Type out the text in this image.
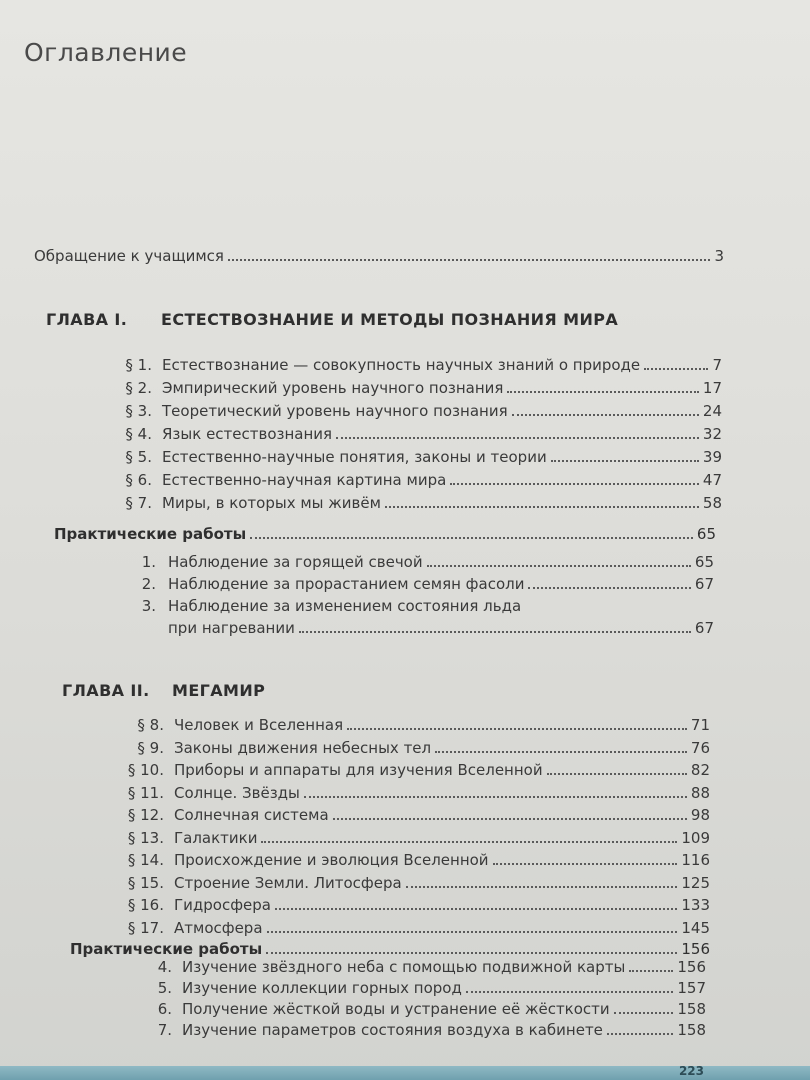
Оглавление
Обращение к учащимся	3
ГЛАВА I.	ЕСТЕСТВОЗНАНИЕ И МЕТОДЫ ПОЗНАНИЯ МИРА
§ 1. Естествознание — совокупность научных знаний о природе	7
§ 2. Эмпирический уровень научного познания	17
§ 3. Теоретический уровень научного познания	24
§ 4. Язык естествознания	32
§ 5. Естественно-научные понятия, законы и теории	39
§ 6. Естественно-научная картина мира	47
§ 7. Миры, в которых мы живём	58
Практические работы	65
1. Наблюдение за горящей свечой	65
2. Наблюдение за прорастанием семян фасоли	67
3. Наблюдение за изменением состояния льда
при нагревании	67
ГЛАВА II.	МЕГАМИР
§ 8. Человек и Вселенная	71
§ 9. Законы движения небесных тел	76
§ 10. Приборы и аппараты для изучения Вселенной	82
§ 11. Солнце. Звёзды	88
§ 12. Солнечная система	98
§ 13. Галактики	109
§ 14. Происхождение и эволюция Вселенной	116
§ 15. Строение Земли. Литосфера	125
§ 16. Гидросфера	133
§ 17. Атмосфера	145
Практические работы	156
4. Изучение звёздного неба с помощью подвижной карты	156
5. Изучение коллекции горных пород	157
6. Получение жёсткой воды и устранение её жёсткости	158
7. Изучение параметров состояния воздуха в кабинете	158
223
